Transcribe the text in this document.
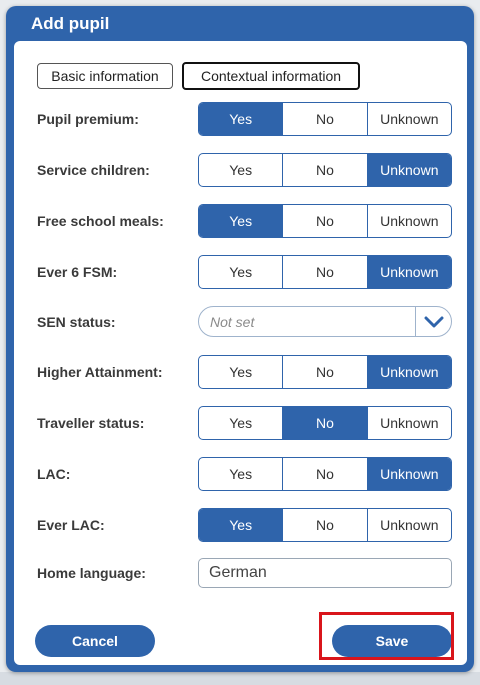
Add pupil
Basic information	Contextual information
Pupil premium:	Yes	No	Unknown
Service children:	Yes	No	Unknown
Free school meals:	Yes	No	Unknown
Ever 6 FSM:	Yes	No	Unknown
SEN status:	Not set
Higher Attainment:	Yes	No	Unknown
Traveller status:	Yes	No	Unknown
LAC:	Yes	No	Unknown
Ever LAC:	Yes	No	Unknown
Home language:	German
Cancel	Save
